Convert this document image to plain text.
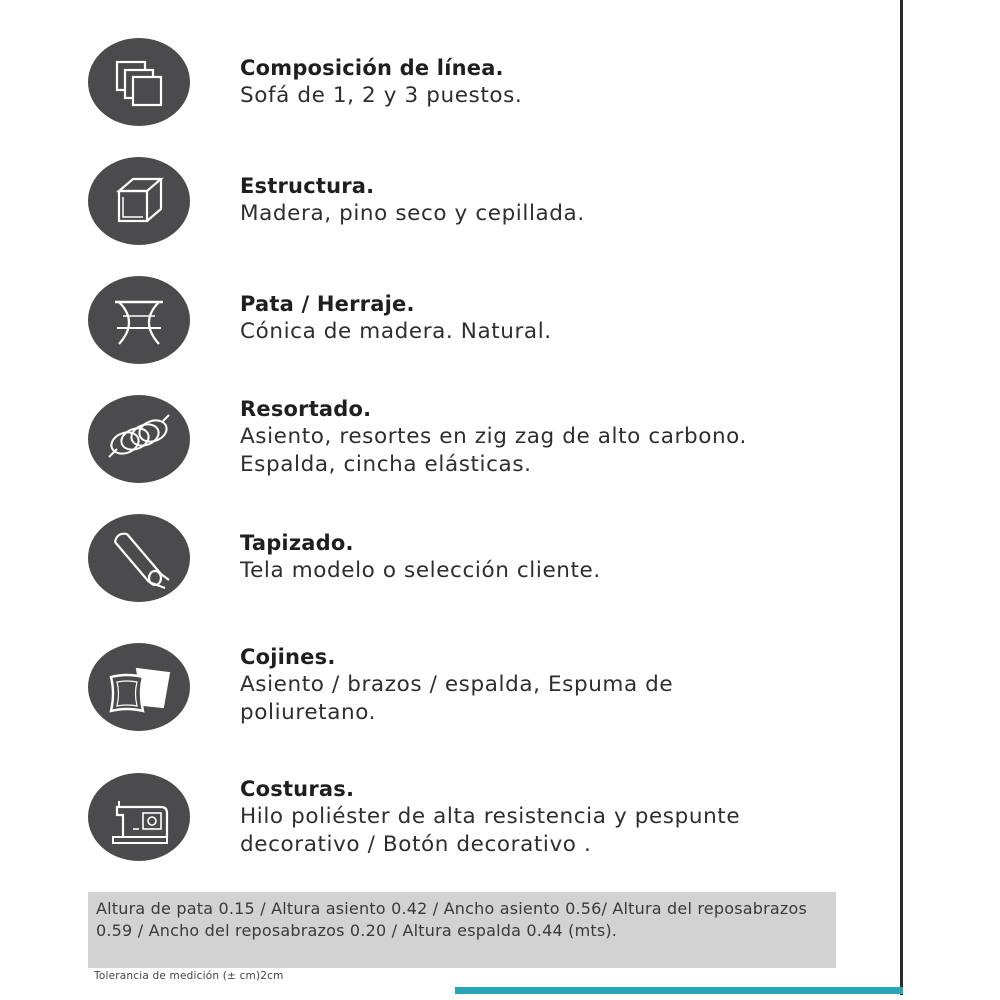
Composición de línea.
Sofá de 1, 2 y 3 puestos.
Estructura.
Madera, pino seco y cepillada.
Pata / Herraje.
Cónica de madera. Natural.
Resortado.
Asiento, resortes en zig zag de alto carbono.
Espalda, cincha elásticas.
Tapizado.
Tela modelo o selección cliente.
Cojines.
Asiento / brazos / espalda, Espuma de
poliuretano.
Costuras.
Hilo poliéster de alta resistencia y pespunte
decorativo / Botón decorativo .
Altura de pata 0.15 / Altura asiento 0.42 / Ancho asiento 0.56/ Altura del reposabrazos 0.59 / Ancho del reposabrazos 0.20 / Altura espalda 0.44 (mts).
Tolerancia de medición (± cm)2cm
